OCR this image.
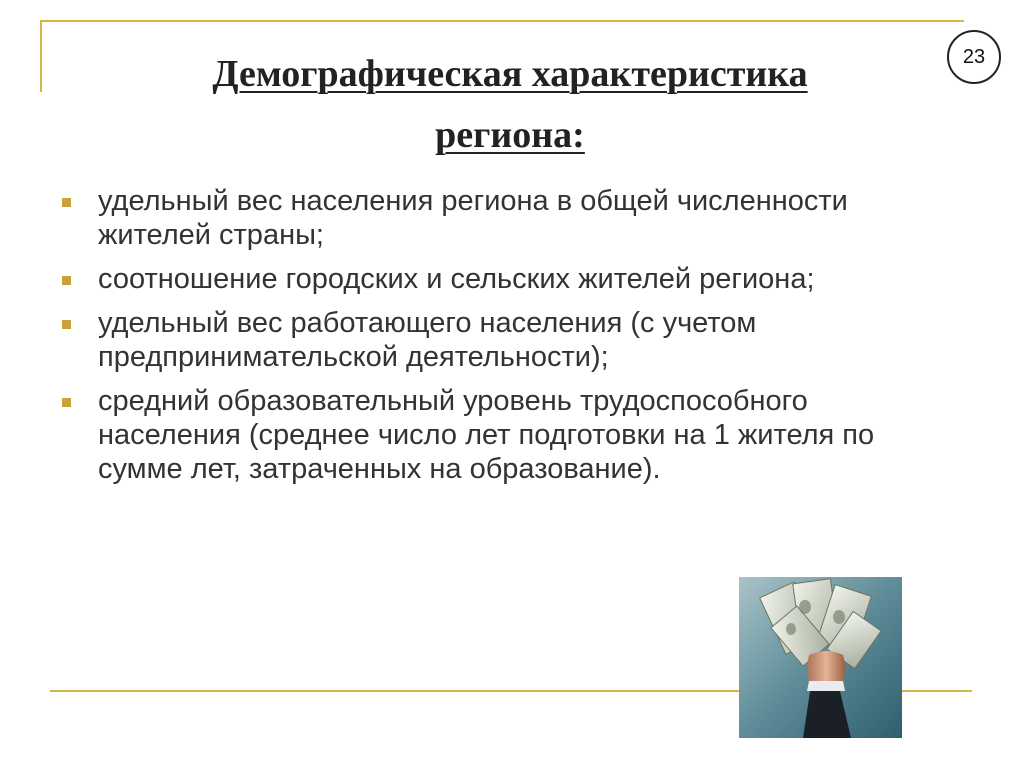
23
Демографическая характеристика
региона:
удельный вес населения региона в общей численности жителей страны;
соотношение городских и сельских жителей региона;
удельный вес работающего населения (с учетом предпринимательской деятельности);
средний образовательный уровень трудоспособного населения (среднее число лет подготовки на 1 жителя по сумме лет, затраченных на образование).
